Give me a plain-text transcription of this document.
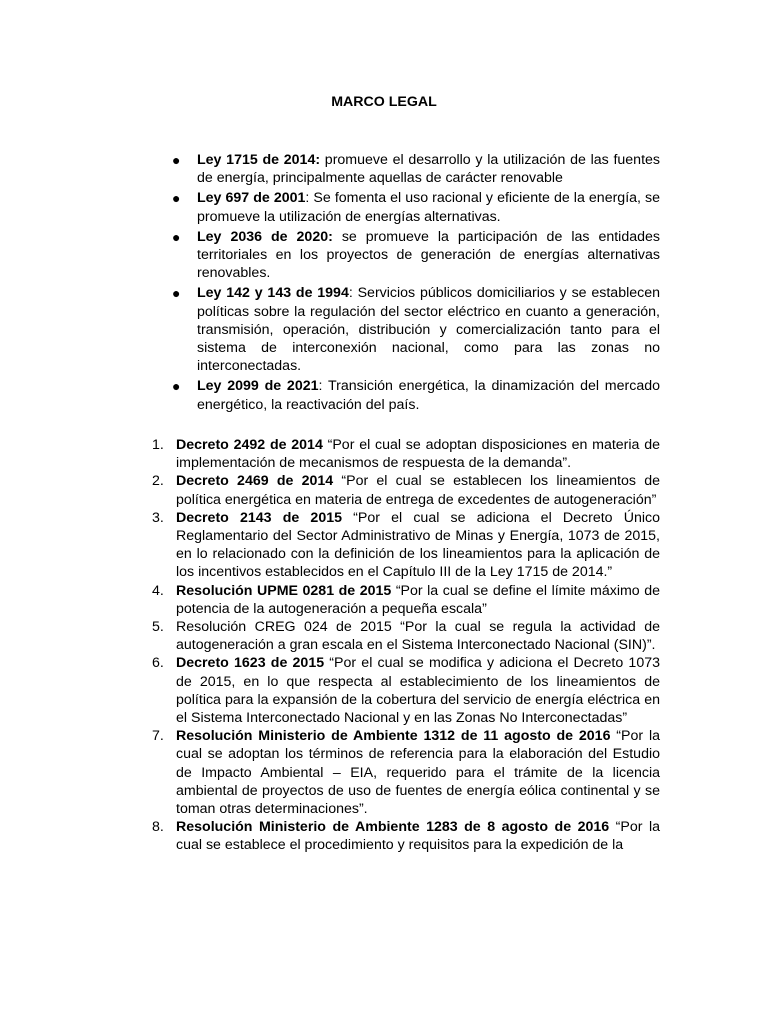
MARCO LEGAL
● Ley 1715 de 2014: promueve el desarrollo y la utilización de las fuentes de energía, principalmente aquellas de carácter renovable
● Ley 697 de 2001: Se fomenta el uso racional y eficiente de la energía, se promueve la utilización de energías alternativas.
● Ley 2036 de 2020: se promueve la participación de las entidades territoriales en los proyectos de generación de energías alternativas renovables.
● Ley 142 y 143 de 1994: Servicios públicos domiciliarios y se establecen políticas sobre la regulación del sector eléctrico en cuanto a generación, transmisión, operación, distribución y comercialización tanto para el sistema de interconexión nacional, como para las zonas no interconectadas.
● Ley 2099 de 2021: Transición energética, la dinamización del mercado energético, la reactivación del país.
1. Decreto 2492 de 2014 “Por el cual se adoptan disposiciones en materia de implementación de mecanismos de respuesta de la demanda”.
2. Decreto 2469 de 2014 “Por el cual se establecen los lineamientos de política energética en materia de entrega de excedentes de autogeneración”
3. Decreto 2143 de 2015 “Por el cual se adiciona el Decreto Único Reglamentario del Sector Administrativo de Minas y Energía, 1073 de 2015, en lo relacionado con la definición de los lineamientos para la aplicación de los incentivos establecidos en el Capítulo III de la Ley 1715 de 2014.”
4. Resolución UPME 0281 de 2015 “Por la cual se define el límite máximo de potencia de la autogeneración a pequeña escala”
5. Resolución CREG 024 de 2015 “Por la cual se regula la actividad de autogeneración a gran escala en el Sistema Interconectado Nacional (SIN)”.
6. Decreto 1623 de 2015 “Por el cual se modifica y adiciona el Decreto 1073 de 2015, en lo que respecta al establecimiento de los lineamientos de política para la expansión de la cobertura del servicio de energía eléctrica en el Sistema Interconectado Nacional y en las Zonas No Interconectadas”
7. Resolución Ministerio de Ambiente 1312 de 11 agosto de 2016 “Por la cual se adoptan los términos de referencia para la elaboración del Estudio de Impacto Ambiental – EIA, requerido para el trámite de la licencia ambiental de proyectos de uso de fuentes de energía eólica continental y se toman otras determinaciones”.
8. Resolución Ministerio de Ambiente 1283 de 8 agosto de 2016 “Por la cual se establece el procedimiento y requisitos para la expedición de la
